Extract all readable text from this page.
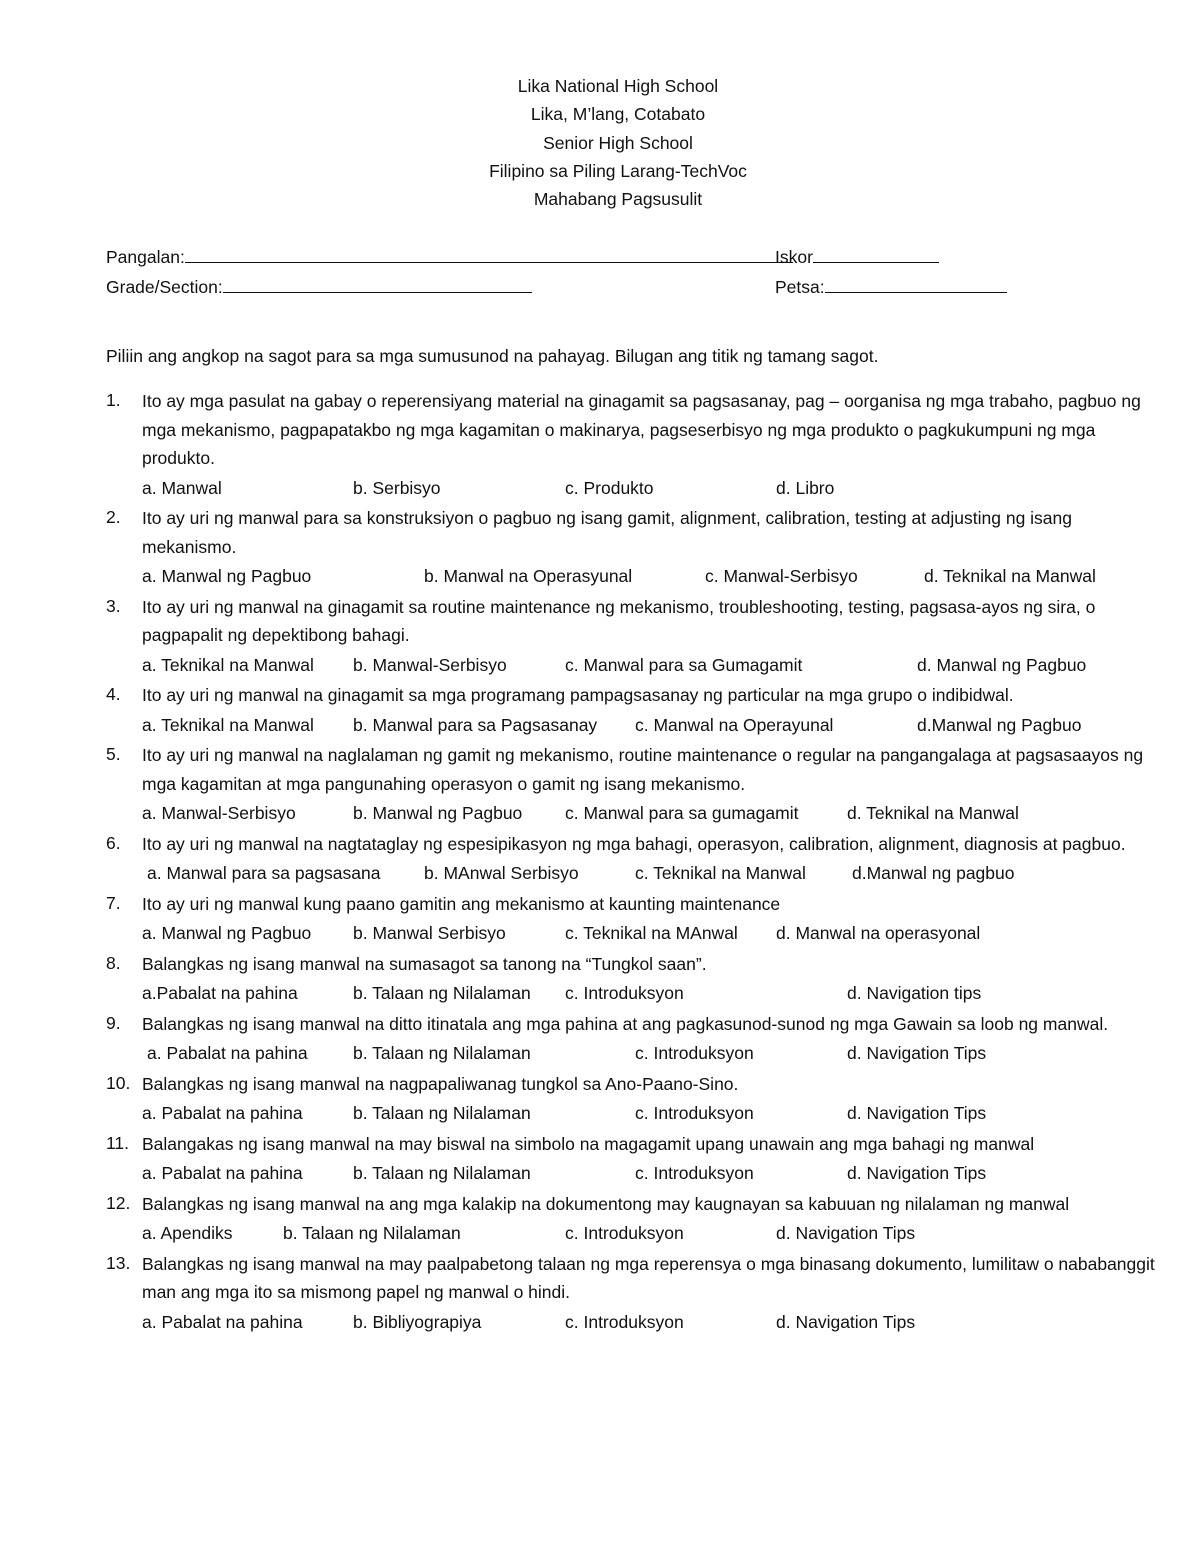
Lika National High School
Lika, M’lang, Cotabato
Senior High School
Filipino sa Piling Larang-TechVoc
Mahabang Pagsusulit
Pangalan:	Iskor
Grade/Section:	Petsa:
Piliin ang angkop na sagot para sa mga sumusunod na pahayag. Bilugan ang titik ng tamang sagot.
1. Ito ay mga pasulat na gabay o reperensiyang material na ginagamit sa pagsasanay, pag – oorganisa ng mga trabaho, pagbuo ng mga mekanismo, pagpapatakbo ng mga kagamitan o makinarya, pagseserbisyo ng mga produkto o pagkukumpuni ng mga produkto.
a. Manwal	b. Serbisyo	c. Produkto	d. Libro
2. Ito ay uri ng manwal para sa konstruksiyon o pagbuo ng isang gamit, alignment, calibration, testing at adjusting ng isang mekanismo.
a. Manwal ng Pagbuo	b. Manwal na Operasyunal	c. Manwal-Serbisyo	d. Teknikal na Manwal
3. Ito ay uri ng manwal na ginagamit sa routine maintenance ng mekanismo, troubleshooting, testing, pagsasa-ayos ng sira, o pagpapalit ng depektibong bahagi.
a. Teknikal na Manwal b. Manwal-Serbisyo	c. Manwal para sa Gumagamit	d. Manwal ng Pagbuo
4. Ito ay uri ng manwal na ginagamit sa mga programang pampagsasanay ng particular na mga grupo o indibidwal.
a. Teknikal na Manwal b. Manwal para sa Pagsasanay c. Manwal na Operayunal	d.Manwal ng Pagbuo
5. Ito ay uri ng manwal na naglalaman ng gamit ng mekanismo, routine maintenance o regular na pangangalaga at pagsasaayos ng mga kagamitan at mga pangunahing operasyon o gamit ng isang mekanismo.
a. Manwal-Serbisyo	b. Manwal ng Pagbuo c. Manwal para sa gumagamit	d. Teknikal na Manwal
6. Ito ay uri ng manwal na nagtataglay ng espesipikasyon ng mga bahagi, operasyon, calibration, alignment, diagnosis at pagbuo.
a. Manwal para sa pagsasana b. MAnwal Serbisyo	c. Teknikal na Manwal	d.Manwal ng pagbuo
7. Ito ay uri ng manwal kung paano gamitin ang mekanismo at kaunting maintenance
a. Manwal ng Pagbuo b. Manwal Serbisyo	c. Teknikal na MAnwal d. Manwal na operasyonal
8. Balangkas ng isang manwal na sumasagot sa tanong na “Tungkol saan”.
a.Pabalat na pahina	b. Talaan ng Nilalaman c. Introduksyon	d. Navigation tips
9. Balangkas ng isang manwal na ditto itinatala ang mga pahina at ang pagkasunod-sunod ng mga Gawain sa loob ng manwal.
a. Pabalat na pahina	b. Talaan ng Nilalaman	c. Introduksyon	d. Navigation Tips
10. Balangkas ng isang manwal na nagpapaliwanag tungkol sa Ano-Paano-Sino.
a. Pabalat na pahina	b. Talaan ng Nilalaman	c. Introduksyon	d. Navigation Tips
11. Balangakas ng isang manwal na may biswal na simbolo na magagamit upang unawain ang mga bahagi ng manwal
a. Pabalat na pahina	b. Talaan ng Nilalaman	c. Introduksyon	d. Navigation Tips
12. Balangkas ng isang manwal na ang mga kalakip na dokumentong may kaugnayan sa kabuuan ng nilalaman ng manwal
a. Apendiks	b. Talaan ng Nilalaman	c. Introduksyon	d. Navigation Tips
13. Balangkas ng isang manwal na may paalpabetong talaan ng mga reperensya o mga binasang dokumento, lumilitaw o nababanggit man ang mga ito sa mismong papel ng manwal o hindi.
a. Pabalat na pahina	b. Bibliyograpiya	c. Introduksyon	d. Navigation Tips
